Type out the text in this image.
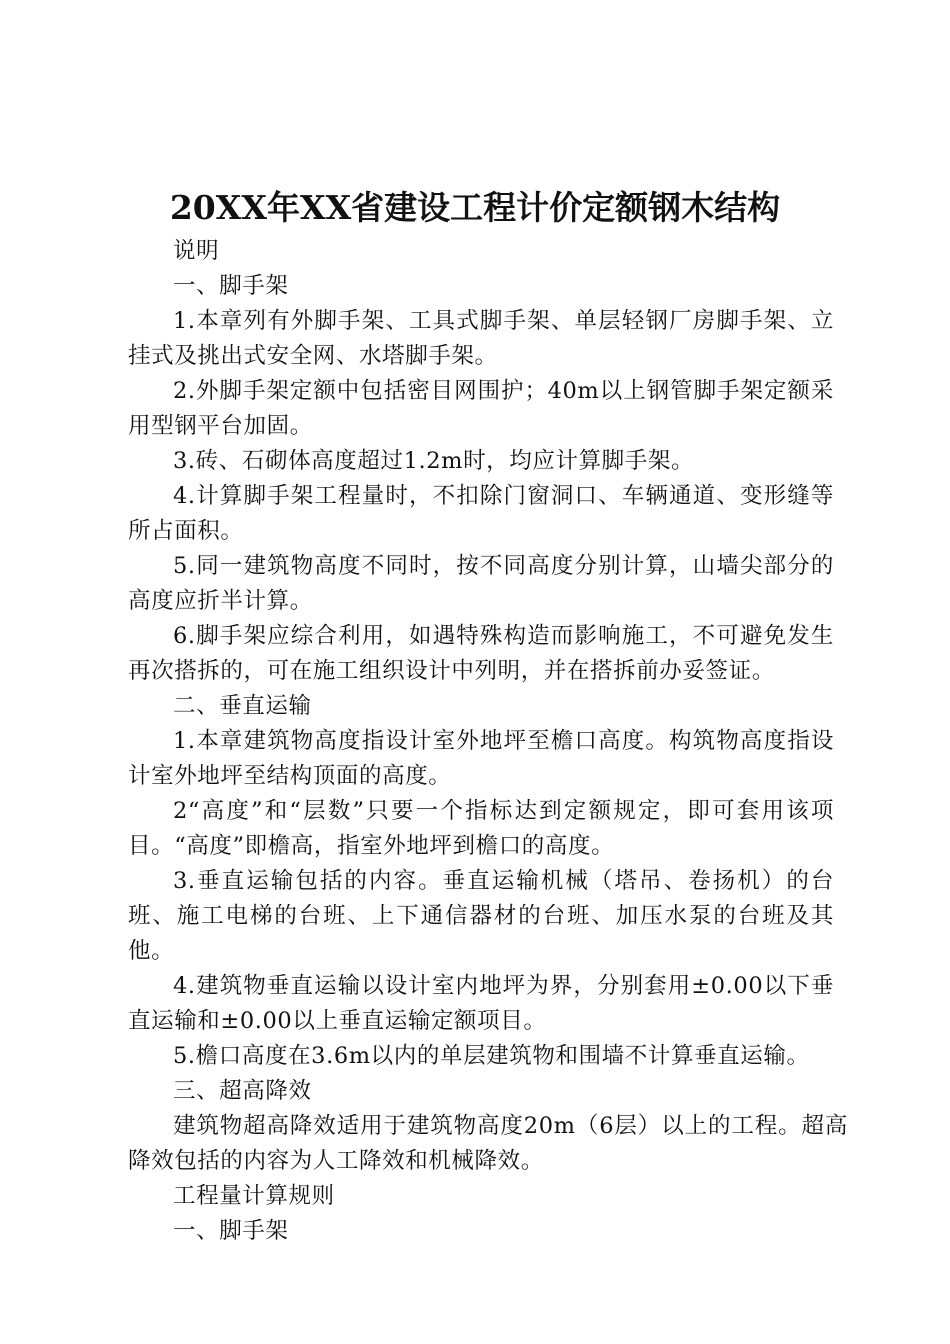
20XX年XX省建设工程计价定额钢木结构

说明

一、脚手架

1.本章列有外脚手架、工具式脚手架、单层轻钢厂房脚手架、立挂式及挑出式安全网、水塔脚手架。

2.外脚手架定额中包括密目网围护；40m以上钢管脚手架定额采用型钢平台加固。

3.砖、石砌体高度超过1.2m时，均应计算脚手架。

4.计算脚手架工程量时，不扣除门窗洞口、车辆通道、变形缝等所占面积。

5.同一建筑物高度不同时，按不同高度分别计算，山墙尖部分的高度应折半计算。

6.脚手架应综合利用，如遇特殊构造而影响施工，不可避免发生再次搭拆的，可在施工组织设计中列明，并在搭拆前办妥签证。

二、垂直运输

1.本章建筑物高度指设计室外地坪至檐口高度。构筑物高度指设计室外地坪至结构顶面的高度。

2“高度”和“层数”只要一个指标达到定额规定，即可套用该项目。“高度”即檐高，指室外地坪到檐口的高度。

3.垂直运输包括的内容。垂直运输机械（塔吊、卷扬机）的台班、施工电梯的台班、上下通信器材的台班、加压水泵的台班及其他。

4.建筑物垂直运输以设计室内地坪为界，分别套用±0.00以下垂直运输和±0.00以上垂直运输定额项目。

5.檐口高度在3.6m以内的单层建筑物和围墙不计算垂直运输。

三、超高降效

建筑物超高降效适用于建筑物高度20m（6层）以上的工程。超高降效包括的内容为人工降效和机械降效。

工程量计算规则

一、脚手架
